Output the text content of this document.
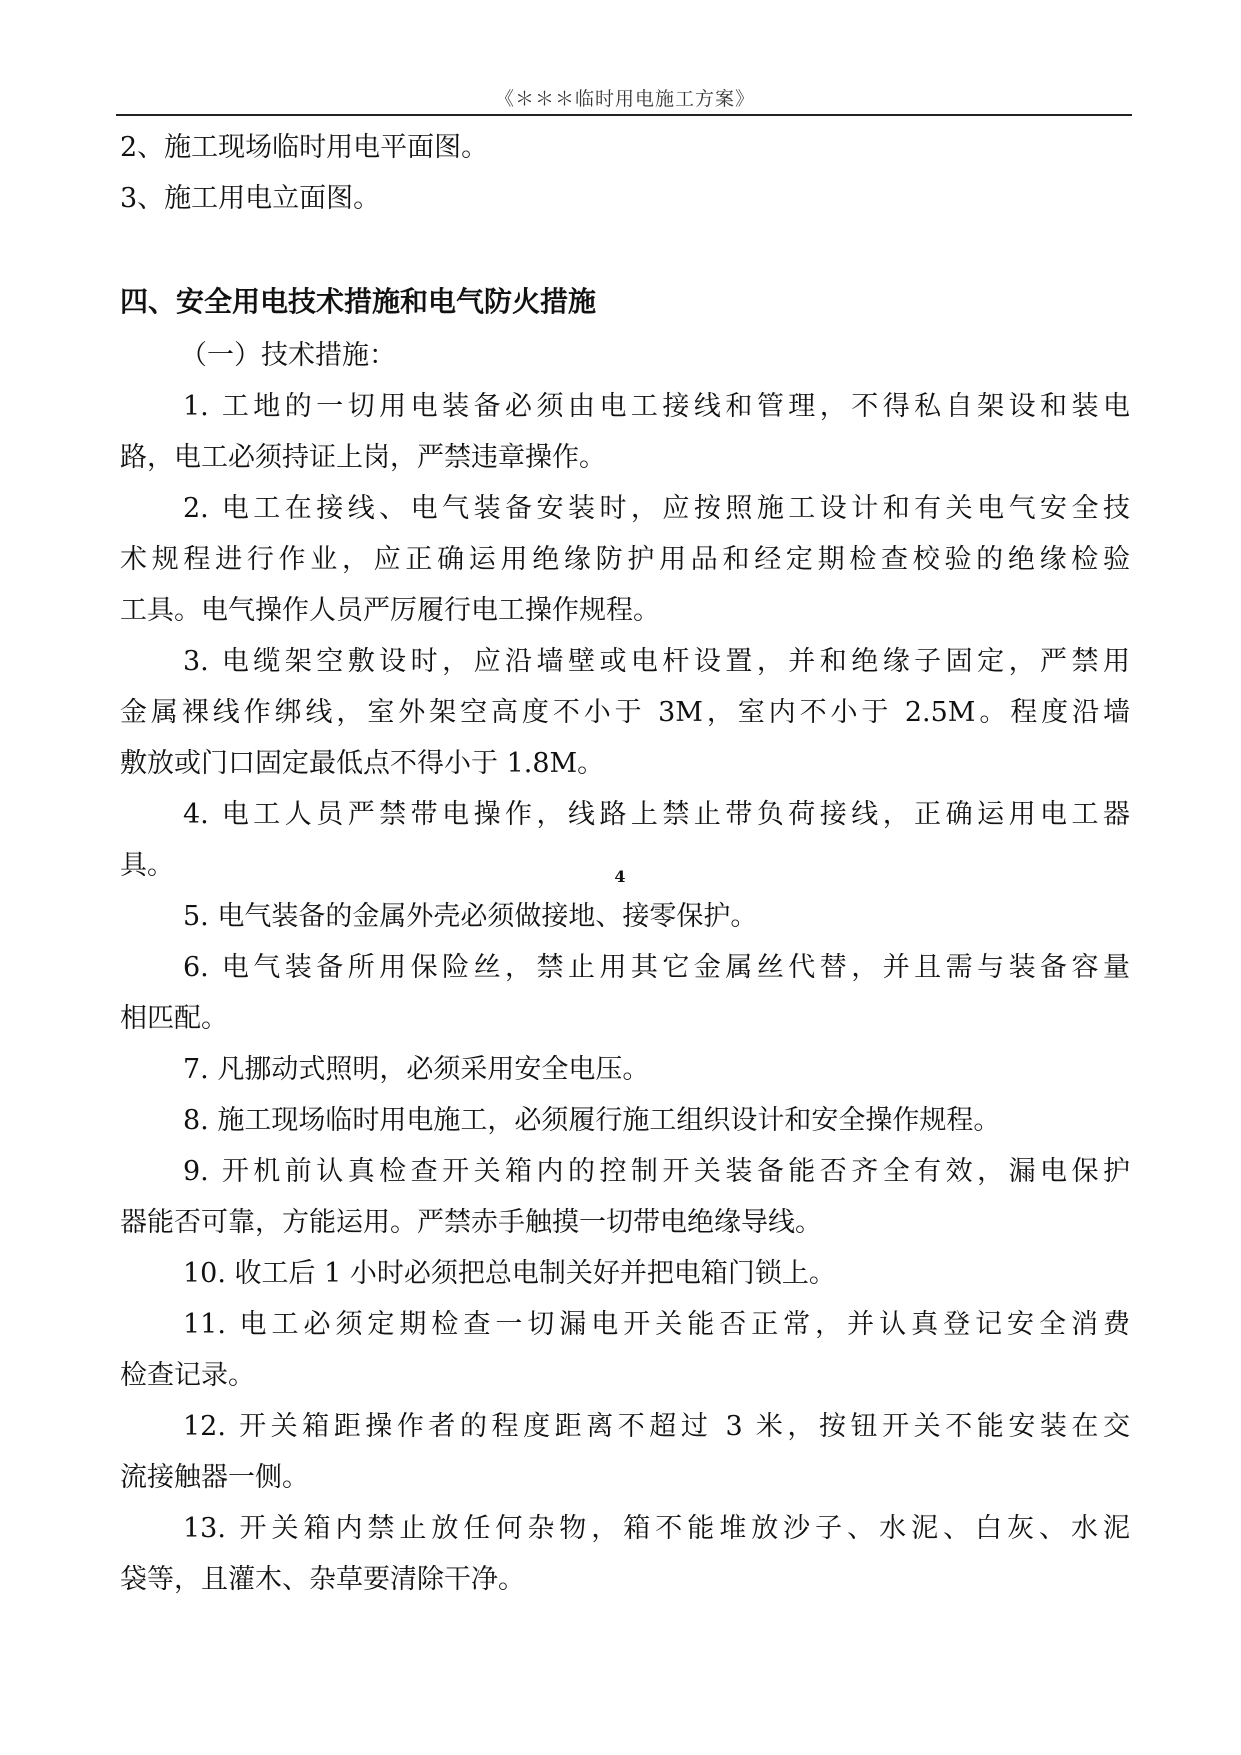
《＊＊＊临时用电施工方案》
2、施工现场临时用电平面图。
3、施工用电立面图。
四、安全用电技术措施和电气防火措施
（一）技术措施：
1. 工地的一切用电装备必须由电工接线和管理，不得私自架设和装电
路，电工必须持证上岗，严禁违章操作。
2. 电工在接线、电气装备安装时，应按照施工设计和有关电气安全技
术规程进行作业，应正确运用绝缘防护用品和经定期检查校验的绝缘检验
工具。电气操作人员严厉履行电工操作规程。
3. 电缆架空敷设时，应沿墙壁或电杆设置，并和绝缘子固定，严禁用
金属裸线作绑线，室外架空高度不小于 3M，室内不小于 2.5M。程度沿墙
敷放或门口固定最低点不得小于 1.8M。
4. 电工人员严禁带电操作，线路上禁止带负荷接线，正确运用电工器
具。
5. 电气装备的金属外壳必须做接地、接零保护。
6. 电气装备所用保险丝，禁止用其它金属丝代替，并且需与装备容量
相匹配。
7. 凡挪动式照明，必须采用安全电压。
8. 施工现场临时用电施工，必须履行施工组织设计和安全操作规程。
9. 开机前认真检查开关箱内的控制开关装备能否齐全有效，漏电保护
器能否可靠，方能运用。严禁赤手触摸一切带电绝缘导线。
10. 收工后 1 小时必须把总电制关好并把电箱门锁上。
11. 电工必须定期检查一切漏电开关能否正常，并认真登记安全消费
检查记录。
12. 开关箱距操作者的程度距离不超过 3 米，按钮开关不能安装在交
流接触器一侧。
13. 开关箱内禁止放任何杂物，箱不能堆放沙子、水泥、白灰、水泥
袋等，且灌木、杂草要清除干净。
4
